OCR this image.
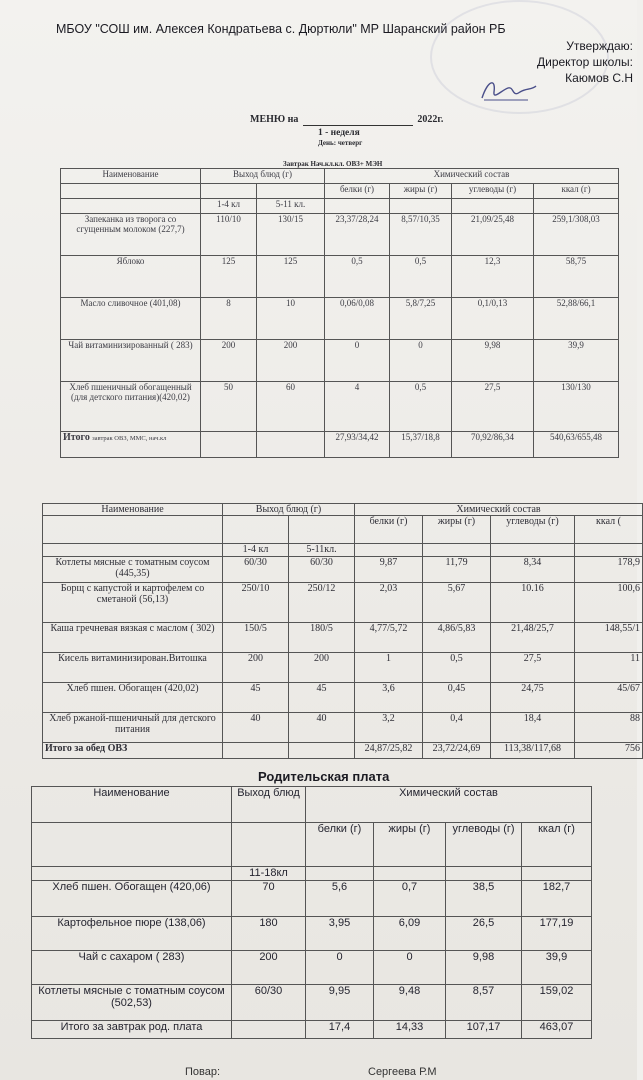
МБОУ "СОШ им. Алексея Кондратьева с. Дюртюли" МР Шаранский район РБ
Утверждаю:
Директор школы:
Каюмов С.Н
МЕНЮ на	2022г.
1 - неделя
День: четверг
Завтрак Нач.кл.кл. ОВЗ+ МЭН
Наименование	Выход блюд (г)		Химический состав			
			белки (г)	жиры (г)	углеводы (г)	ккал (г)
	1-4 кл	5-11 кл.				
Запеканка из творога со сгущенным молоком (227,7)	110/10	130/15	23,37/28,24	8,57/10,35	21,09/25,48	259,1/308,03
Яблоко	125	125	0,5	0,5	12,3	58,75
Масло сливочное (401,08)	8	10	0,06/0,08	5,8/7,25	0,1/0,13	52,88/66,1
Чай витаминизированный ( 283)	200	200	0	0	9,98	39,9
Хлеб пшеничный обогащенный (для детского питания)(420,02)	50	60	4	0,5	27,5	130/130
Итого завтрак ОВЗ, ММС, нач.кл			27,93/34,42	15,37/18,8	70,92/86,34	540,63/655,48
Наименование	Выход блюд (г)		Химический состав			
			белки (г)	жиры (г)	углеводы (г)	ккал (
	1-4 кл	5-11кл.				
Котлеты мясные с томатным соусом (445,35)	60/30	60/30	9,87	11,79	8,34	178,9
Борщ с капустой и картофелем со сметаной (56,13)	250/10	250/12	2,03	5,67	10.16	100,6
Каша гречневая вязкая с маслом ( 302)	150/5	180/5	4,77/5,72	4,86/5,83	21,48/25,7	148,55/1
Кисель витаминизирован.Витошка	200	200	1	0,5	27,5	11
Хлеб пшен. Обогащен (420,02)	45	45	3,6	0,45	24,75	45/67
Хлеб ржаной-пшеничный для детского питания	40	40	3,2	0,4	18,4	88
Итого за обед ОВЗ			24,87/25,82	23,72/24,69	113,38/117,68	756
Родительская плата
Наименование	Выход блюд	Химический состав			
		белки (г)	жиры (г)	углеводы (г)	ккал (г)
	11-18кл				
Хлеб пшен. Обогащен (420,06)	70	5,6	0,7	38,5	182,7
Картофельное пюре (138,06)	180	3,95	6,09	26,5	177,19
Чай с сахаром ( 283)	200	0	0	9,98	39,9
Котлеты мясные с томатным соусом (502,53)	60/30	9,95	9,48	8,57	159,02
Итого за завтрак род. плата		17,4	14,33	107,17	463,07
Повар:	Сергеева Р.М
